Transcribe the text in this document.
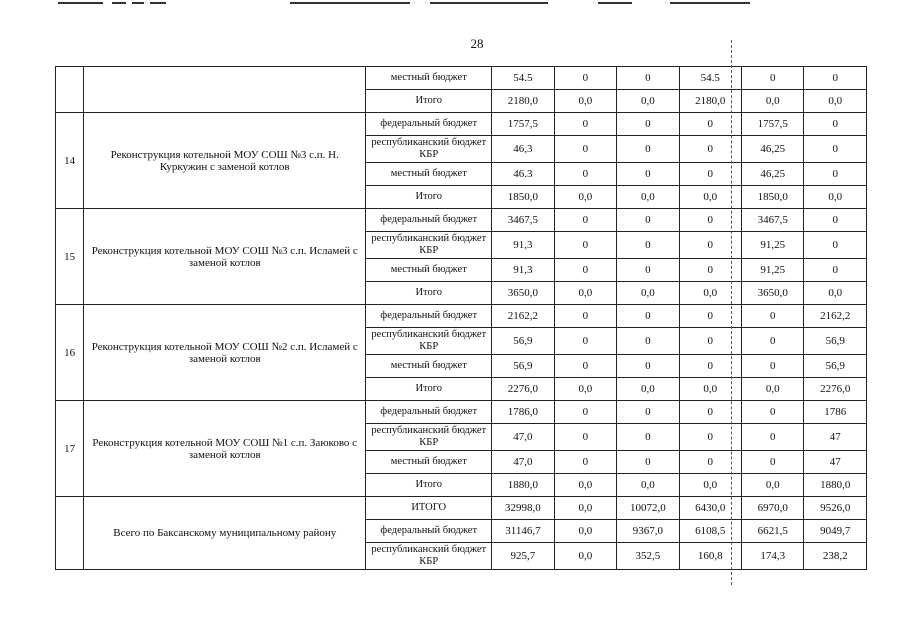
28
		местный бюджет	54.5	0	0	54.5	0	0
		Итого	2180,0	0,0	0,0	2180,0	0,0	0,0
14	Реконструкция котельной МОУ СОШ №3 с.п. Н. Куркужин с заменой котлов	федеральный бюджет	1757,5	0	0	0	1757,5	0
		республиканский бюджет КБР	46,3	0	0	0	46,25	0
		местный бюджет	46.3	0	0	0	46,25	0
		Итого	1850,0	0,0	0,0	0,0	1850,0	0,0
15	Реконструкция котельной МОУ СОШ №3 с.п. Исламей с заменой котлов	федеральный бюджет	3467,5	0	0	0	3467,5	0
		республиканский бюджет КБР	91,3	0	0	0	91,25	0
		местный бюджет	91,3	0	0	0	91,25	0
		Итого	3650,0	0,0	0,0	0,0	3650,0	0,0
16	Реконструкция котельной МОУ СОШ №2 с.п. Исламей с заменой котлов	федеральный бюджет	2162,2	0	0	0	0	2162,2
		республиканский бюджет КБР	56,9	0	0	0	0	56,9
		местный бюджет	56,9	0	0	0	0	56,9
		Итого	2276,0	0,0	0,0	0,0	0,0	2276,0
17	Реконструкция котельной МОУ СОШ №1 с.п. Заюково с заменой котлов	федеральный бюджет	1786,0	0	0	0	0	1786
		республиканский бюджет КБР	47,0	0	0	0	0	47
		местный бюджет	47,0	0	0	0	0	47
		Итого	1880,0	0,0	0,0	0,0	0,0	1880,0
	Всего по Баксанскому муниципальному району	ИТОГО	32998,0	0,0	10072,0	6430,0	6970,0	9526,0
		федеральный бюджет	31146,7	0,0	9367,0	6108,5	6621,5	9049,7
		республиканский бюджет КБР	925,7	0,0	352,5	160,8	174,3	238,2
